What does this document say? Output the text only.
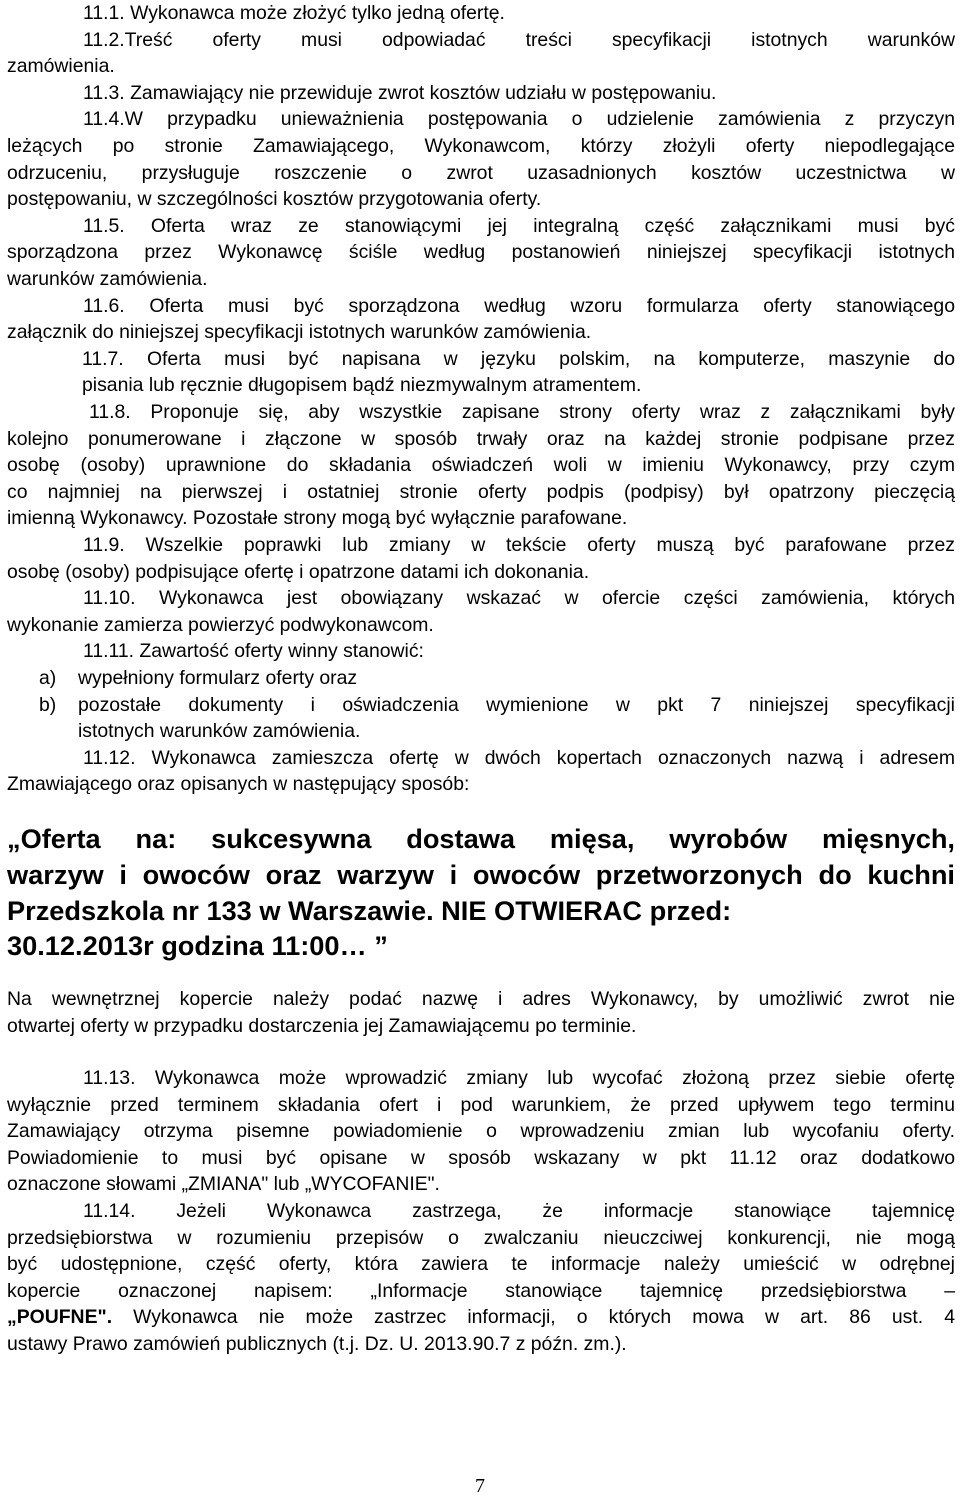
11.1. Wykonawca może złożyć tylko jedną ofertę.
11.2.Treść oferty musi odpowiadać treści specyfikacji istotnych warunków
zamówienia.
11.3. Zamawiający nie przewiduje zwrot kosztów udziału w postępowaniu.
11.4.W przypadku unieważnienia postępowania o udzielenie zamówienia z przyczyn
leżących po stronie Zamawiającego, Wykonawcom, którzy złożyli oferty niepodlegające
odrzuceniu, przysługuje roszczenie o zwrot uzasadnionych kosztów uczestnictwa w
postępowaniu, w szczególności kosztów przygotowania oferty.
11.5. Oferta wraz ze stanowiącymi jej integralną część załącznikami musi być
sporządzona przez Wykonawcę ściśle według postanowień niniejszej specyfikacji istotnych
warunków zamówienia.
11.6. Oferta musi być sporządzona według wzoru formularza oferty stanowiącego
załącznik do niniejszej specyfikacji istotnych warunków zamówienia.
11.7. Oferta musi być napisana w języku polskim, na komputerze, maszynie do
pisania lub ręcznie długopisem bądź niezmywalnym atramentem.
11.8. Proponuje się, aby wszystkie zapisane strony oferty wraz z załącznikami były
kolejno ponumerowane i złączone w sposób trwały oraz na każdej stronie podpisane przez
osobę (osoby) uprawnione do składania oświadczeń woli w imieniu Wykonawcy, przy czym
co najmniej na pierwszej i ostatniej stronie oferty podpis (podpisy) był opatrzony pieczęcią
imienną Wykonawcy. Pozostałe strony mogą być wyłącznie parafowane.
11.9. Wszelkie poprawki lub zmiany w tekście oferty muszą być parafowane przez
osobę (osoby) podpisujące ofertę i opatrzone datami ich dokonania.
11.10. Wykonawca jest obowiązany wskazać w ofercie części zamówienia, których
wykonanie zamierza powierzyć podwykonawcom.
11.11. Zawartość oferty winny stanowić:
a)	wypełniony formularz oferty oraz
b)	pozostałe dokumenty i oświadczenia wymienione w pkt 7 niniejszej specyfikacji
istotnych warunków zamówienia.
11.12. Wykonawca zamieszcza ofertę w dwóch kopertach oznaczonych nazwą i adresem
Zmawiającego oraz opisanych w następujący sposób:
„Oferta na: sukcesywna dostawa mięsa, wyrobów mięsnych,
warzyw i owoców oraz warzyw i owoców przetworzonych do kuchni
Przedszkola nr 133 w Warszawie. NIE OTWIERAC przed:
30.12.2013r godzina 11:00… ”
Na wewnętrznej kopercie należy podać nazwę i adres Wykonawcy, by umożliwić zwrot nie
otwartej oferty w przypadku dostarczenia jej Zamawiającemu po terminie.
11.13. Wykonawca może wprowadzić zmiany lub wycofać złożoną przez siebie ofertę
wyłącznie przed terminem składania ofert i pod warunkiem, że przed upływem tego terminu
Zamawiający otrzyma pisemne powiadomienie o wprowadzeniu zmian lub wycofaniu oferty.
Powiadomienie to musi być opisane w sposób wskazany w pkt 11.12 oraz dodatkowo
oznaczone słowami „ZMIANA" lub „WYCOFANIE".
11.14. Jeżeli Wykonawca zastrzega, że informacje stanowiące tajemnicę
przedsiębiorstwa w rozumieniu przepisów o zwalczaniu nieuczciwej konkurencji, nie mogą
być udostępnione, część oferty, która zawiera te informacje należy umieścić w odrębnej
kopercie oznaczonej napisem: „Informacje stanowiące tajemnicę przedsiębiorstwa –
„POUFNE". Wykonawca nie może zastrzec informacji, o których mowa w art. 86 ust. 4
ustawy Prawo zamówień publicznych (t.j. Dz. U. 2013.90.7 z późn. zm.).
7
